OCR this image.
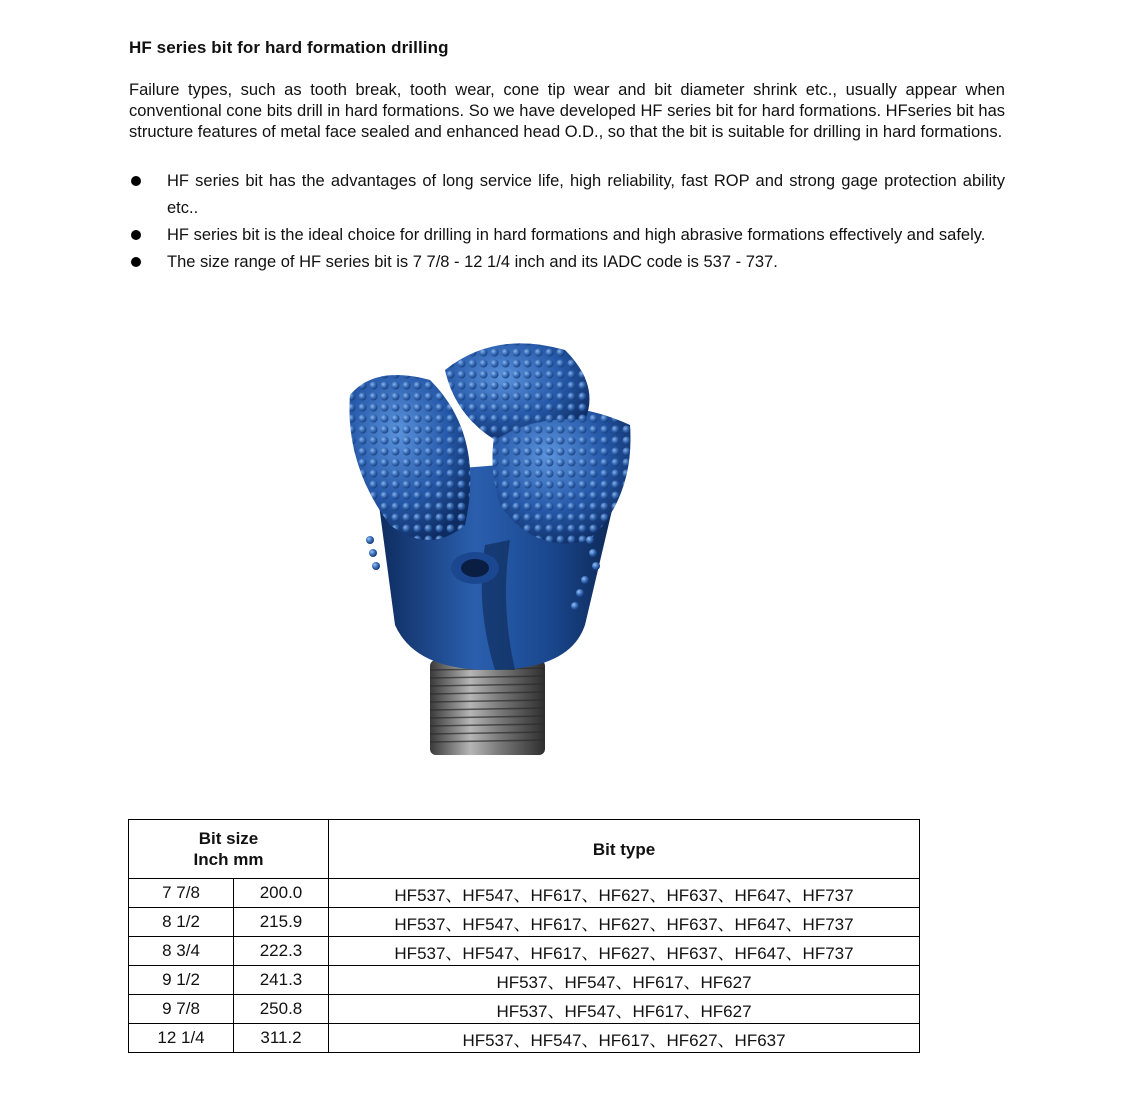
HF series bit for hard formation drilling

Failure types, such as tooth break, tooth wear, cone tip wear and bit diameter shrink etc., usually appear when conventional cone bits drill in hard formations. So we have developed HF series bit for hard formations. HFseries bit has structure features of metal face sealed and enhanced head O.D., so that the bit is suitable for drilling in hard formations.

HF series bit has the advantages of long service life, high reliability, fast ROP and strong gage protection ability etc..
HF series bit is the ideal choice for drilling in hard formations and high abrasive formations effectively and safely.
The size range of HF series bit is 7 7/8 - 12 1/4 inch and its IADC code is 537 - 737.
Bit size
Inch mm		Bit type
7 7/8	200.0	HF537、HF547、HF617、HF627、HF637、HF647、HF737
8 1/2	215.9	HF537、HF547、HF617、HF627、HF637、HF647、HF737
8 3/4	222.3	HF537、HF547、HF617、HF627、HF637、HF647、HF737
9 1/2	241.3	HF537、HF547、HF617、HF627
9 7/8	250.8	HF537、HF547、HF617、HF627
12 1/4	311.2	HF537、HF547、HF617、HF627、HF637
